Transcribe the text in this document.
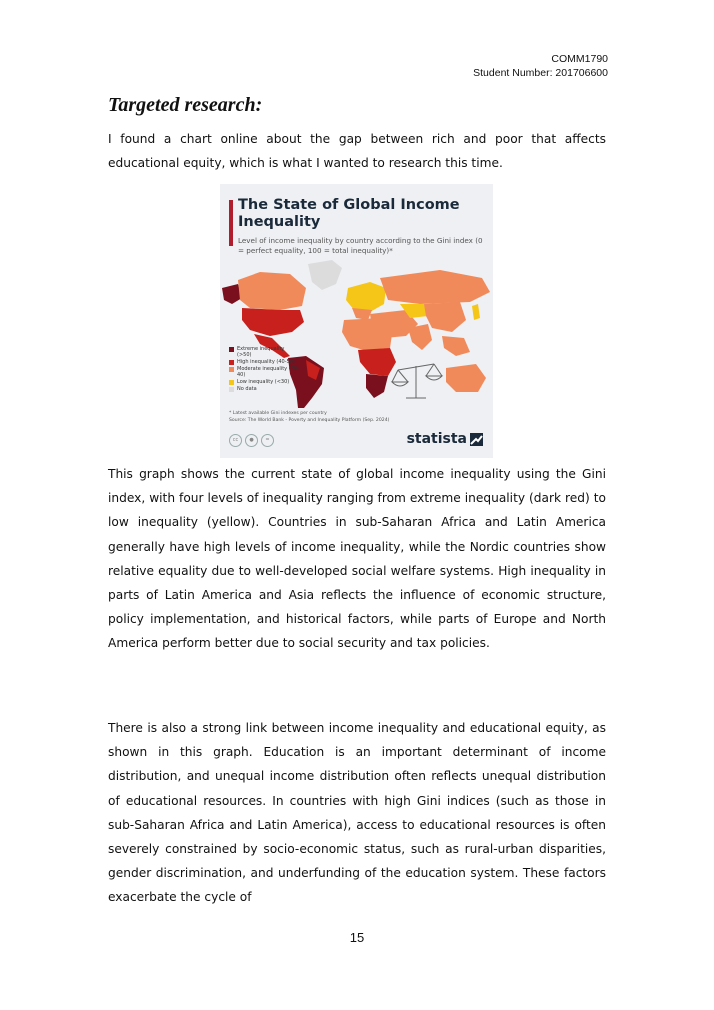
COMM1790
Student Number: 201706600
Targeted research:

I found a chart online about the gap between rich and poor that affects educational equity, which is what I wanted to research this time.

The State of Global Income Inequality
Level of income inequality by country according to the Gini index (0 = perfect equality, 100 = total inequality)*
Extreme inequality (>50)
High inequality (40-50)
Moderate inequality (30-40)
Low inequality (<30)
No data
* Latest available Gini indexes per country
Source: The World Bank - Poverty and Inequality Platform (Sep. 2024)
cc	●	=	statista

This graph shows the current state of global income inequality using the Gini index, with four levels of inequality ranging from extreme inequality (dark red) to low inequality (yellow). Countries in sub-Saharan Africa and Latin America generally have high levels of income inequality, while the Nordic countries show relative equality due to well-developed social welfare systems. High inequality in parts of Latin America and Asia reflects the influence of economic structure, policy implementation, and historical factors, while parts of Europe and North America perform better due to social security and tax policies.

There is also a strong link between income inequality and educational equity, as shown in this graph. Education is an important determinant of income distribution, and unequal income distribution often reflects unequal distribution of educational resources. In countries with high Gini indices (such as those in sub-Saharan Africa and Latin America), access to educational resources is often severely constrained by socio-economic status, such as rural-urban disparities, gender discrimination, and underfunding of the education system. These factors exacerbate the cycle of

15
